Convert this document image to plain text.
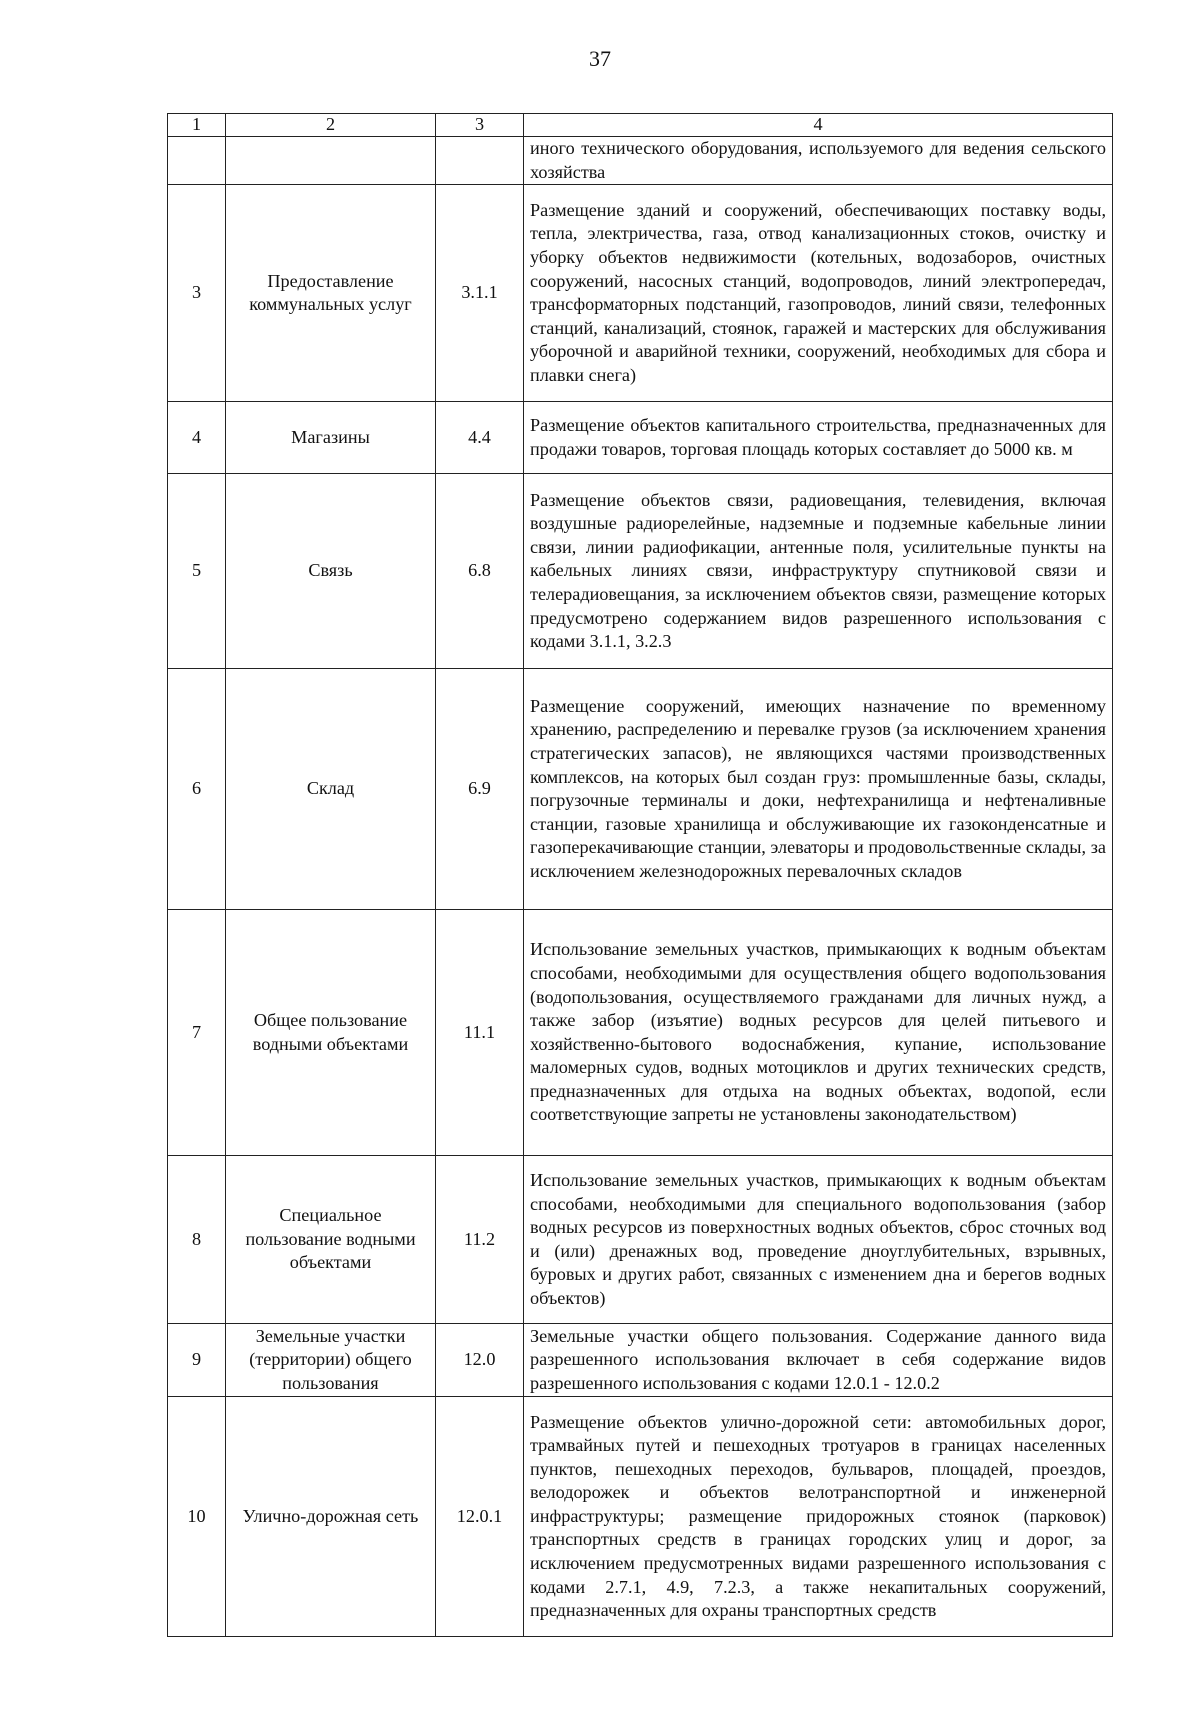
37
1	2	3	4
			иного технического оборудования, используемого для ведения сельского хозяйства
3	Предоставление коммунальных услуг	3.1.1	Размещение зданий и сооружений, обеспечивающих поставку воды, тепла, электричества, газа, отвод канализационных стоков, очистку и уборку объектов недвижимости (котельных, водозаборов, очистных сооружений, насосных станций, водопроводов, линий электропередач, трансформаторных подстанций, газопроводов, линий связи, телефонных станций, канализаций, стоянок, гаражей и мастерских для обслуживания уборочной и аварийной техники, сооружений, необходимых для сбора и плавки снега)
4	Магазины	4.4	Размещение объектов капитального строительства, предназначенных для продажи товаров, торговая площадь которых составляет до 5000 кв. м
5	Связь	6.8	Размещение объектов связи, радиовещания, телевидения, включая воздушные радиорелейные, надземные и подземные кабельные линии связи, линии радиофикации, антенные поля, усилительные пункты на кабельных линиях связи, инфраструктуру спутниковой связи и телерадиовещания, за исключением объектов связи, размещение которых предусмотрено содержанием видов разрешенного использования с кодами 3.1.1, 3.2.3
6	Склад	6.9	Размещение сооружений, имеющих назначение по временному хранению, распределению и перевалке грузов (за исключением хранения стратегических запасов), не являющихся частями производственных комплексов, на которых был создан груз: промышленные базы, склады, погрузочные терминалы и доки, нефтехранилища и нефтеналивные станции, газовые хранилища и обслуживающие их газоконденсатные и газоперекачивающие станции, элеваторы и продовольственные склады, за исключением железнодорожных перевалочных складов
7	Общее пользование водными объектами	11.1	Использование земельных участков, примыкающих к водным объектам способами, необходимыми для осуществления общего водопользования (водопользования, осуществляемого гражданами для личных нужд, а также забор (изъятие) водных ресурсов для целей питьевого и хозяйственно-бытового водоснабжения, купание, использование маломерных судов, водных мотоциклов и других технических средств, предназначенных для отдыха на водных объектах, водопой, если соответствующие запреты не установлены законодательством)
8	Специальное пользование водными объектами	11.2	Использование земельных участков, примыкающих к водным объектам способами, необходимыми для специального водопользования (забор водных ресурсов из поверхностных водных объектов, сброс сточных вод и (или) дренажных вод, проведение дноуглубительных, взрывных, буровых и других работ, связанных с изменением дна и берегов водных объектов)
9	Земельные участки (территории) общего пользования	12.0	Земельные участки общего пользования. Содержание данного вида разрешенного использования включает в себя содержание видов разрешенного использования с кодами 12.0.1 - 12.0.2
10	Улично-дорожная сеть	12.0.1	Размещение объектов улично-дорожной сети: автомобильных дорог, трамвайных путей и пешеходных тротуаров в границах населенных пунктов, пешеходных переходов, бульваров, площадей, проездов, велодорожек и объектов велотранспортной и инженерной инфраструктуры; размещение придорожных стоянок (парковок) транспортных средств в границах городских улиц и дорог, за исключением предусмотренных видами разрешенного использования с кодами 2.7.1, 4.9, 7.2.3, а также некапитальных сооружений, предназначенных для охраны транспортных средств
